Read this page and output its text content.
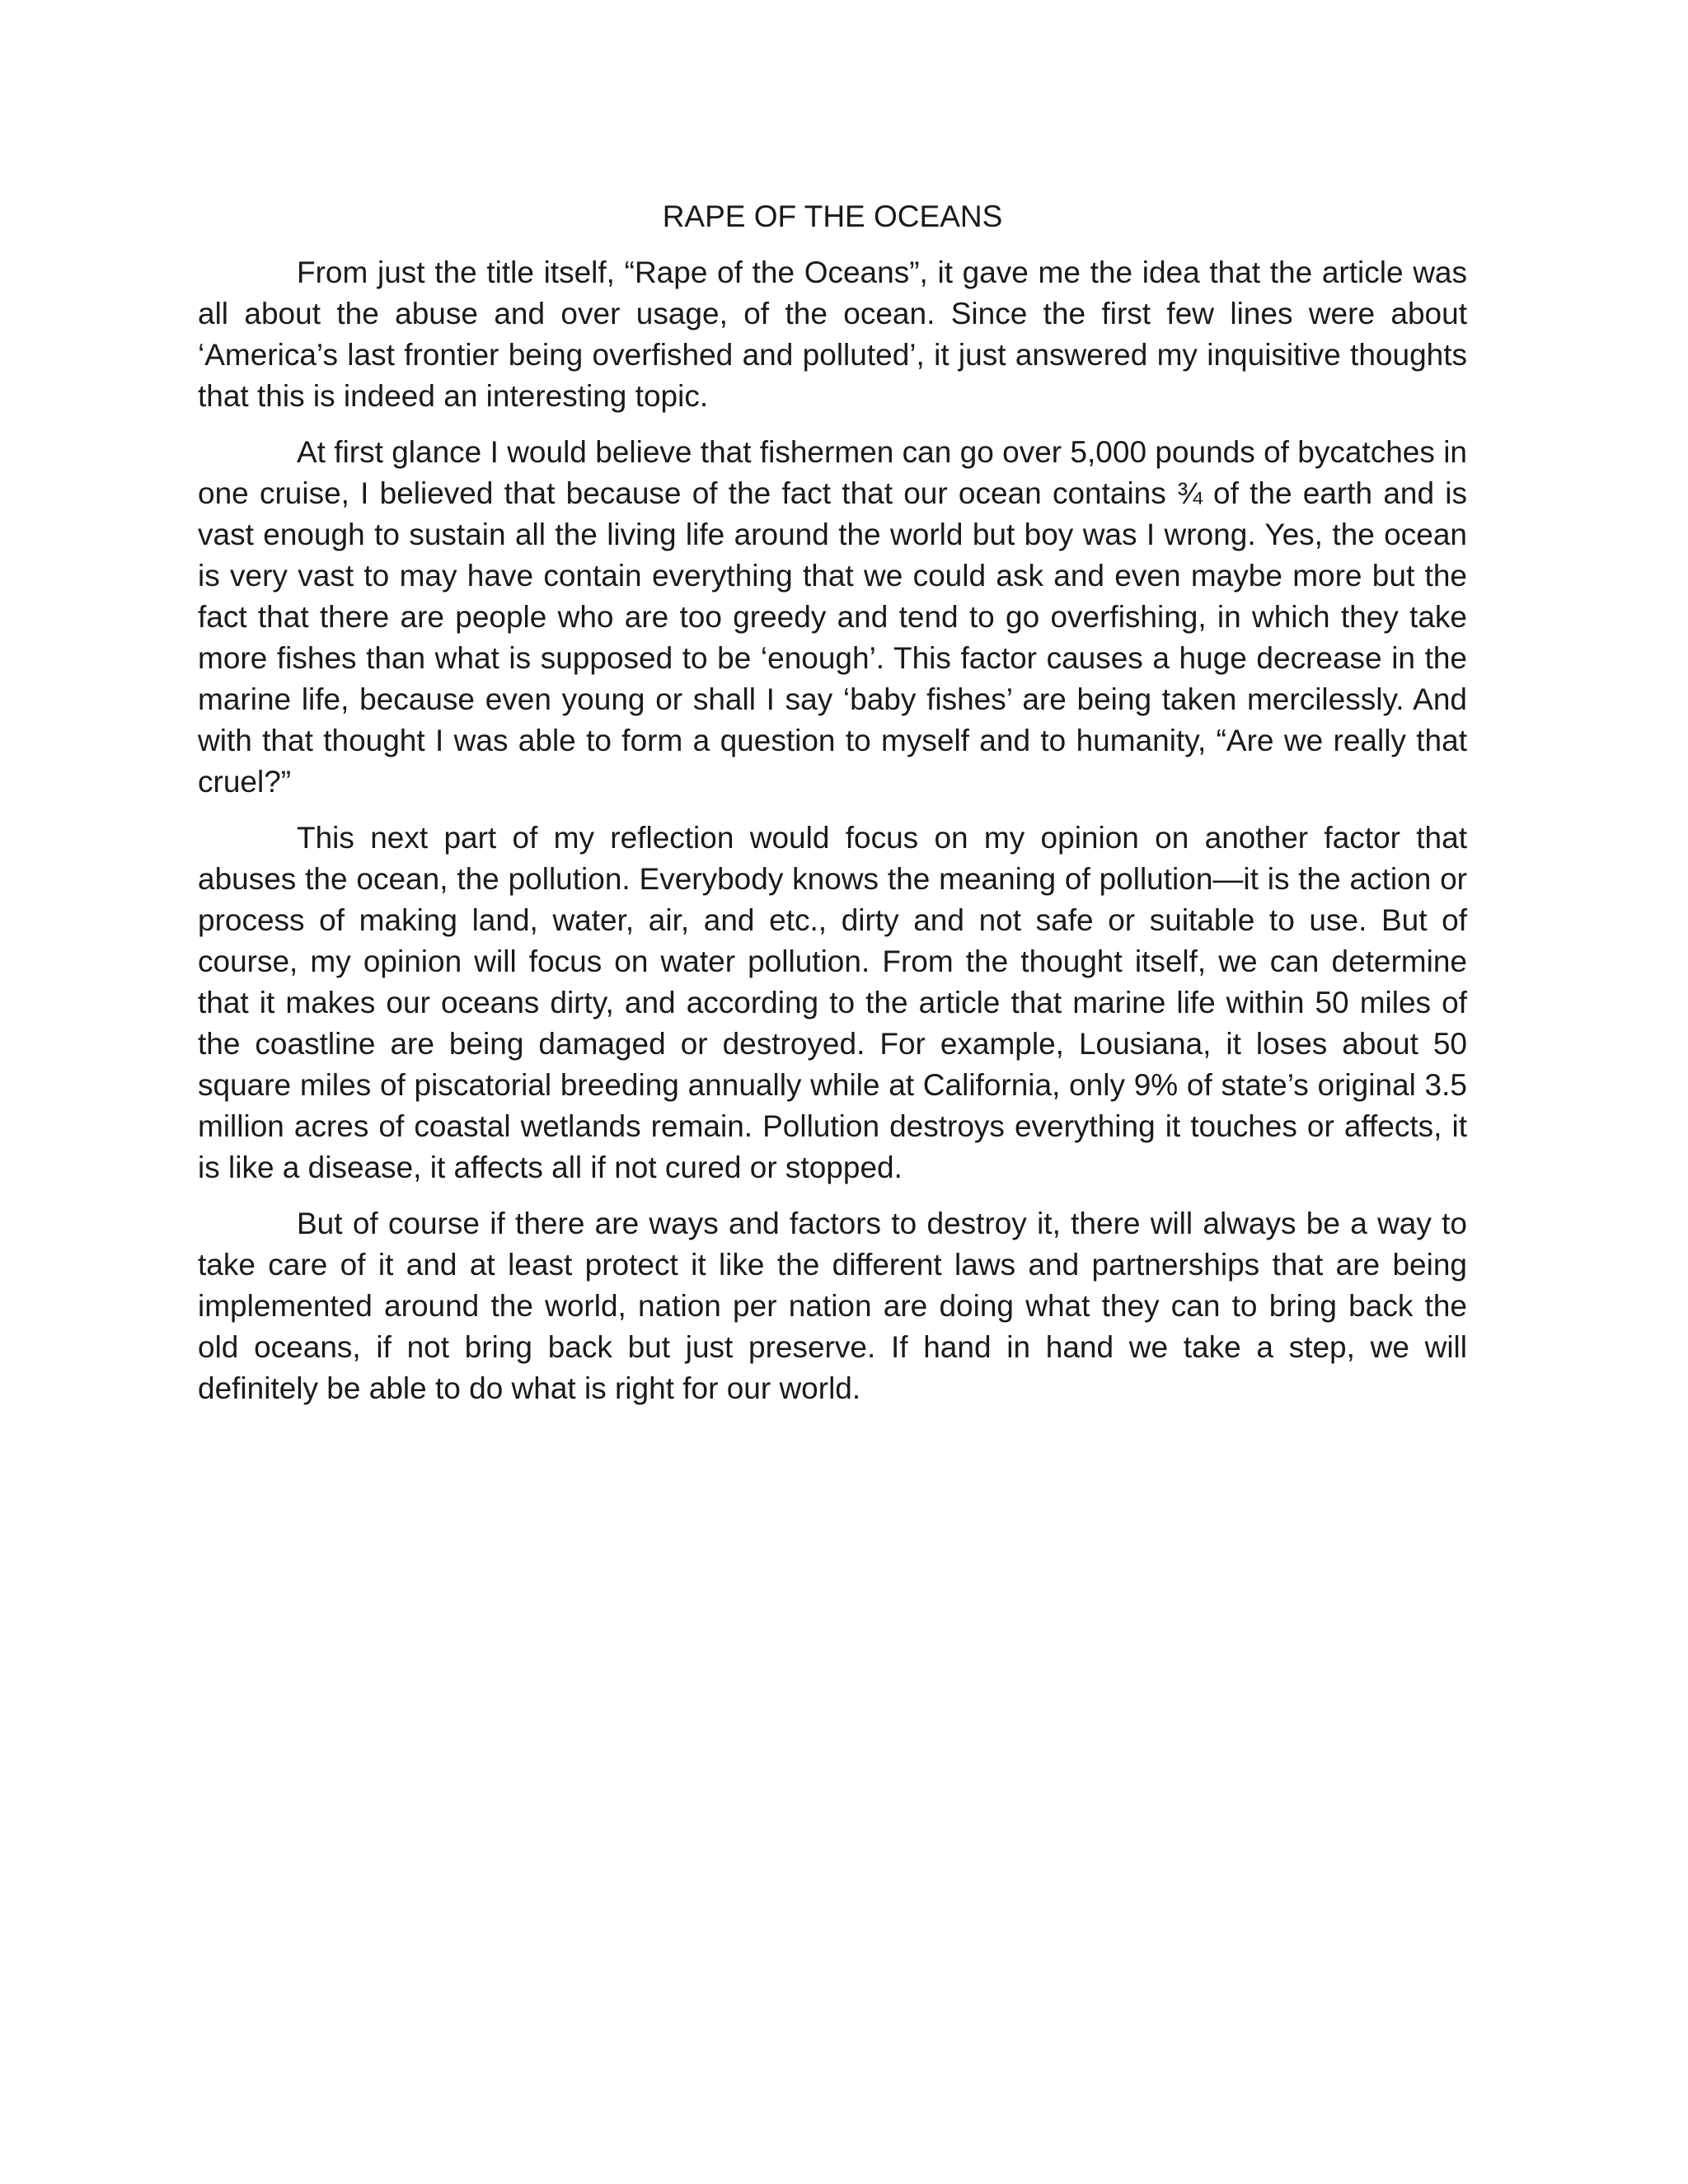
RAPE OF THE OCEANS

From just the title itself, “Rape of the Oceans”, it gave me the idea that the article was all about the abuse and over usage, of the ocean. Since the first few lines were about ‘America’s last frontier being overfished and polluted’, it just answered my inquisitive thoughts that this is indeed an interesting topic.

At first glance I would believe that fishermen can go over 5,000 pounds of bycatches in one cruise, I believed that because of the fact that our ocean contains ¾ of the earth and is vast enough to sustain all the living life around the world but boy was I wrong. Yes, the ocean is very vast to may have contain everything that we could ask and even maybe more but the fact that there are people who are too greedy and tend to go overfishing, in which they take more fishes than what is supposed to be ‘enough’. This factor causes a huge decrease in the marine life, because even young or shall I say ‘baby fishes’ are being taken mercilessly. And with that thought I was able to form a question to myself and to humanity, “Are we really that cruel?”

This next part of my reflection would focus on my opinion on another factor that abuses the ocean, the pollution. Everybody knows the meaning of pollution—it is the action or process of making land, water, air, and etc., dirty and not safe or suitable to use. But of course, my opinion will focus on water pollution. From the thought itself, we can determine that it makes our oceans dirty, and according to the article that marine life within 50 miles of the coastline are being damaged or destroyed. For example, Lousiana, it loses about 50 square miles of piscatorial breeding annually while at California, only 9% of state’s original 3.5 million acres of coastal wetlands remain. Pollution destroys everything it touches or affects, it is like a disease, it affects all if not cured or stopped.

But of course if there are ways and factors to destroy it, there will always be a way to take care of it and at least protect it like the different laws and partnerships that are being implemented around the world, nation per nation are doing what they can to bring back the old oceans, if not bring back but just preserve. If hand in hand we take a step, we will definitely be able to do what is right for our world.
